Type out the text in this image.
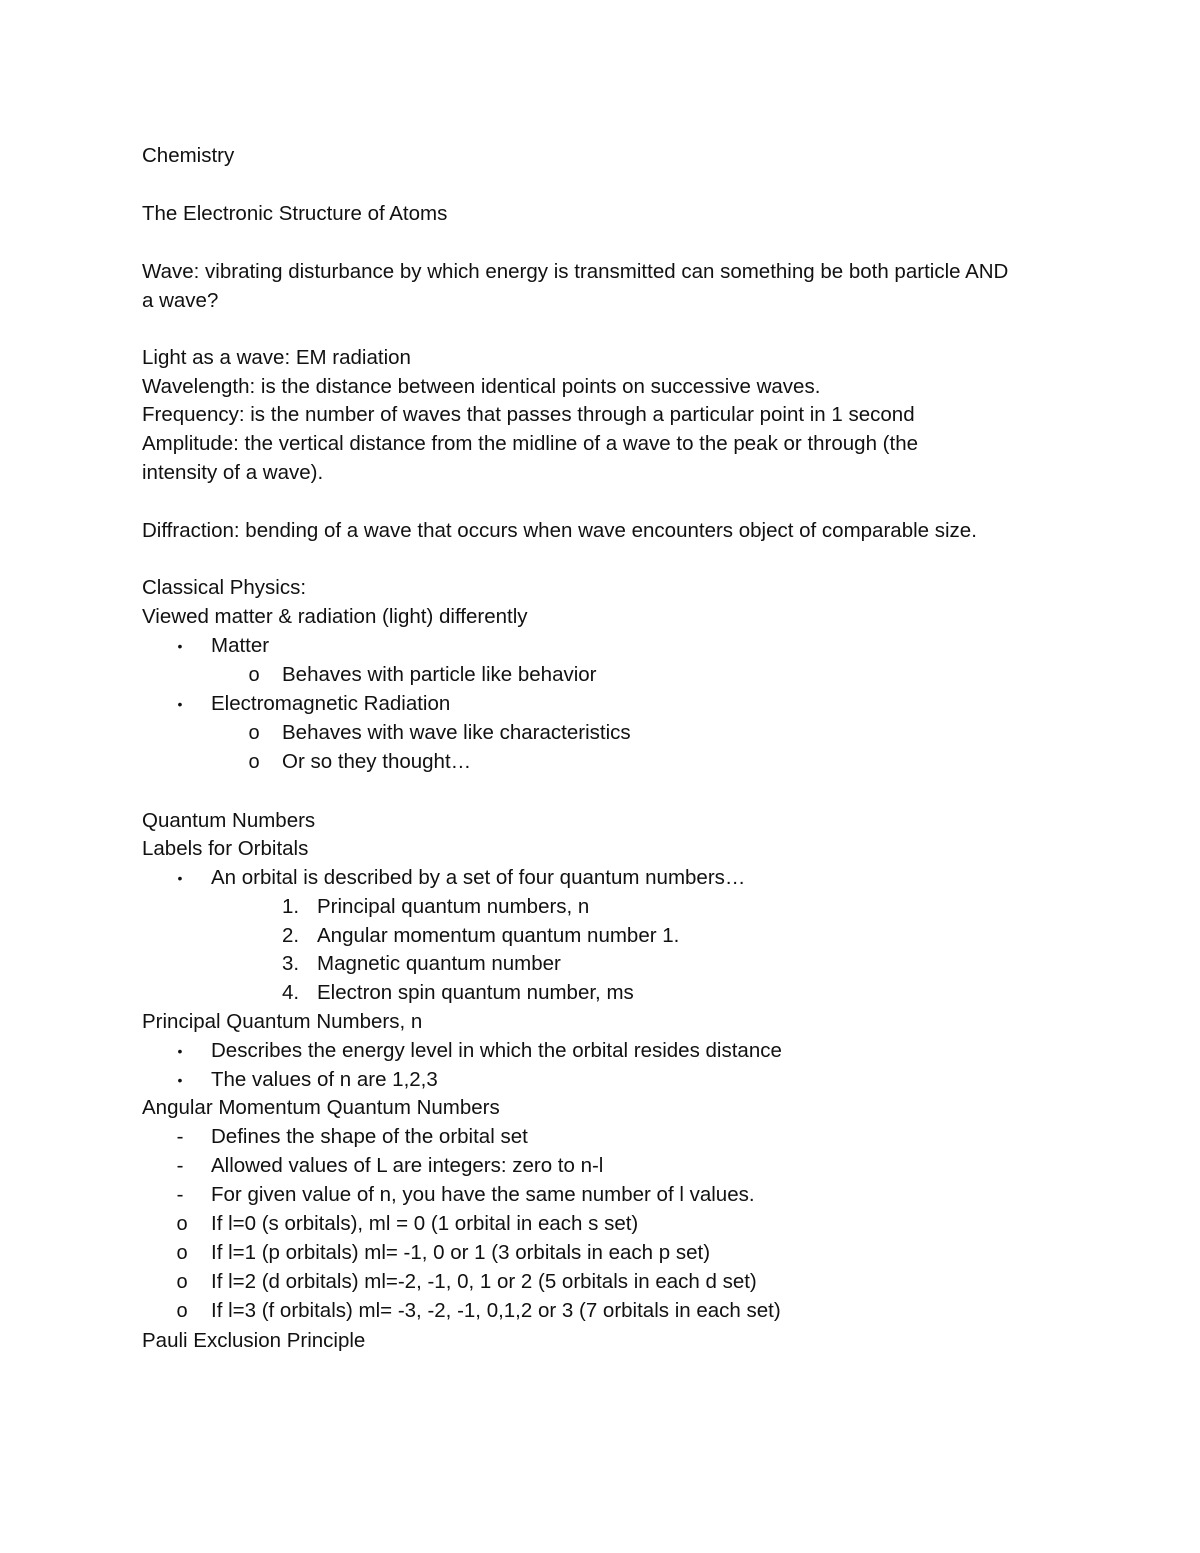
Chemistry
The Electronic Structure of Atoms
Wave: vibrating disturbance by which energy is transmitted can something be both particle AND
a wave?
Light as a wave: EM radiation
Wavelength: is the distance between identical points on successive waves.
Frequency: is the number of waves that passes through a particular point in 1 second
Amplitude: the vertical distance from the midline of a wave to the peak or through (the
intensity of a wave).
Diffraction: bending of a wave that occurs when wave encounters object of comparable size.
Classical Physics:
Viewed matter & radiation (light) differently
•	Matter
o Behaves with particle like behavior
•	Electromagnetic Radiation
o Behaves with wave like characteristics
o Or so they thought…
Quantum Numbers
Labels for Orbitals
•	An orbital is described by a set of four quantum numbers…
1. Principal quantum numbers, n
2. Angular momentum quantum number 1.
3. Magnetic quantum number
4. Electron spin quantum number, ms
Principal Quantum Numbers, n
•	Describes the energy level in which the orbital resides distance
•	The values of n are 1,2,3
Angular Momentum Quantum Numbers
-	Defines the shape of the orbital set
-	Allowed values of L are integers: zero to n-l
-	For given value of n, you have the same number of l values.
o If l=0 (s orbitals), ml = 0 (1 orbital in each s set)
o If l=1 (p orbitals) ml= -1, 0 or 1 (3 orbitals in each p set)
o If l=2 (d orbitals) ml=-2, -1, 0, 1 or 2 (5 orbitals in each d set)
o If l=3 (f orbitals) ml= -3, -2, -1, 0,1,2 or 3 (7 orbitals in each set)
Pauli Exclusion Principle
